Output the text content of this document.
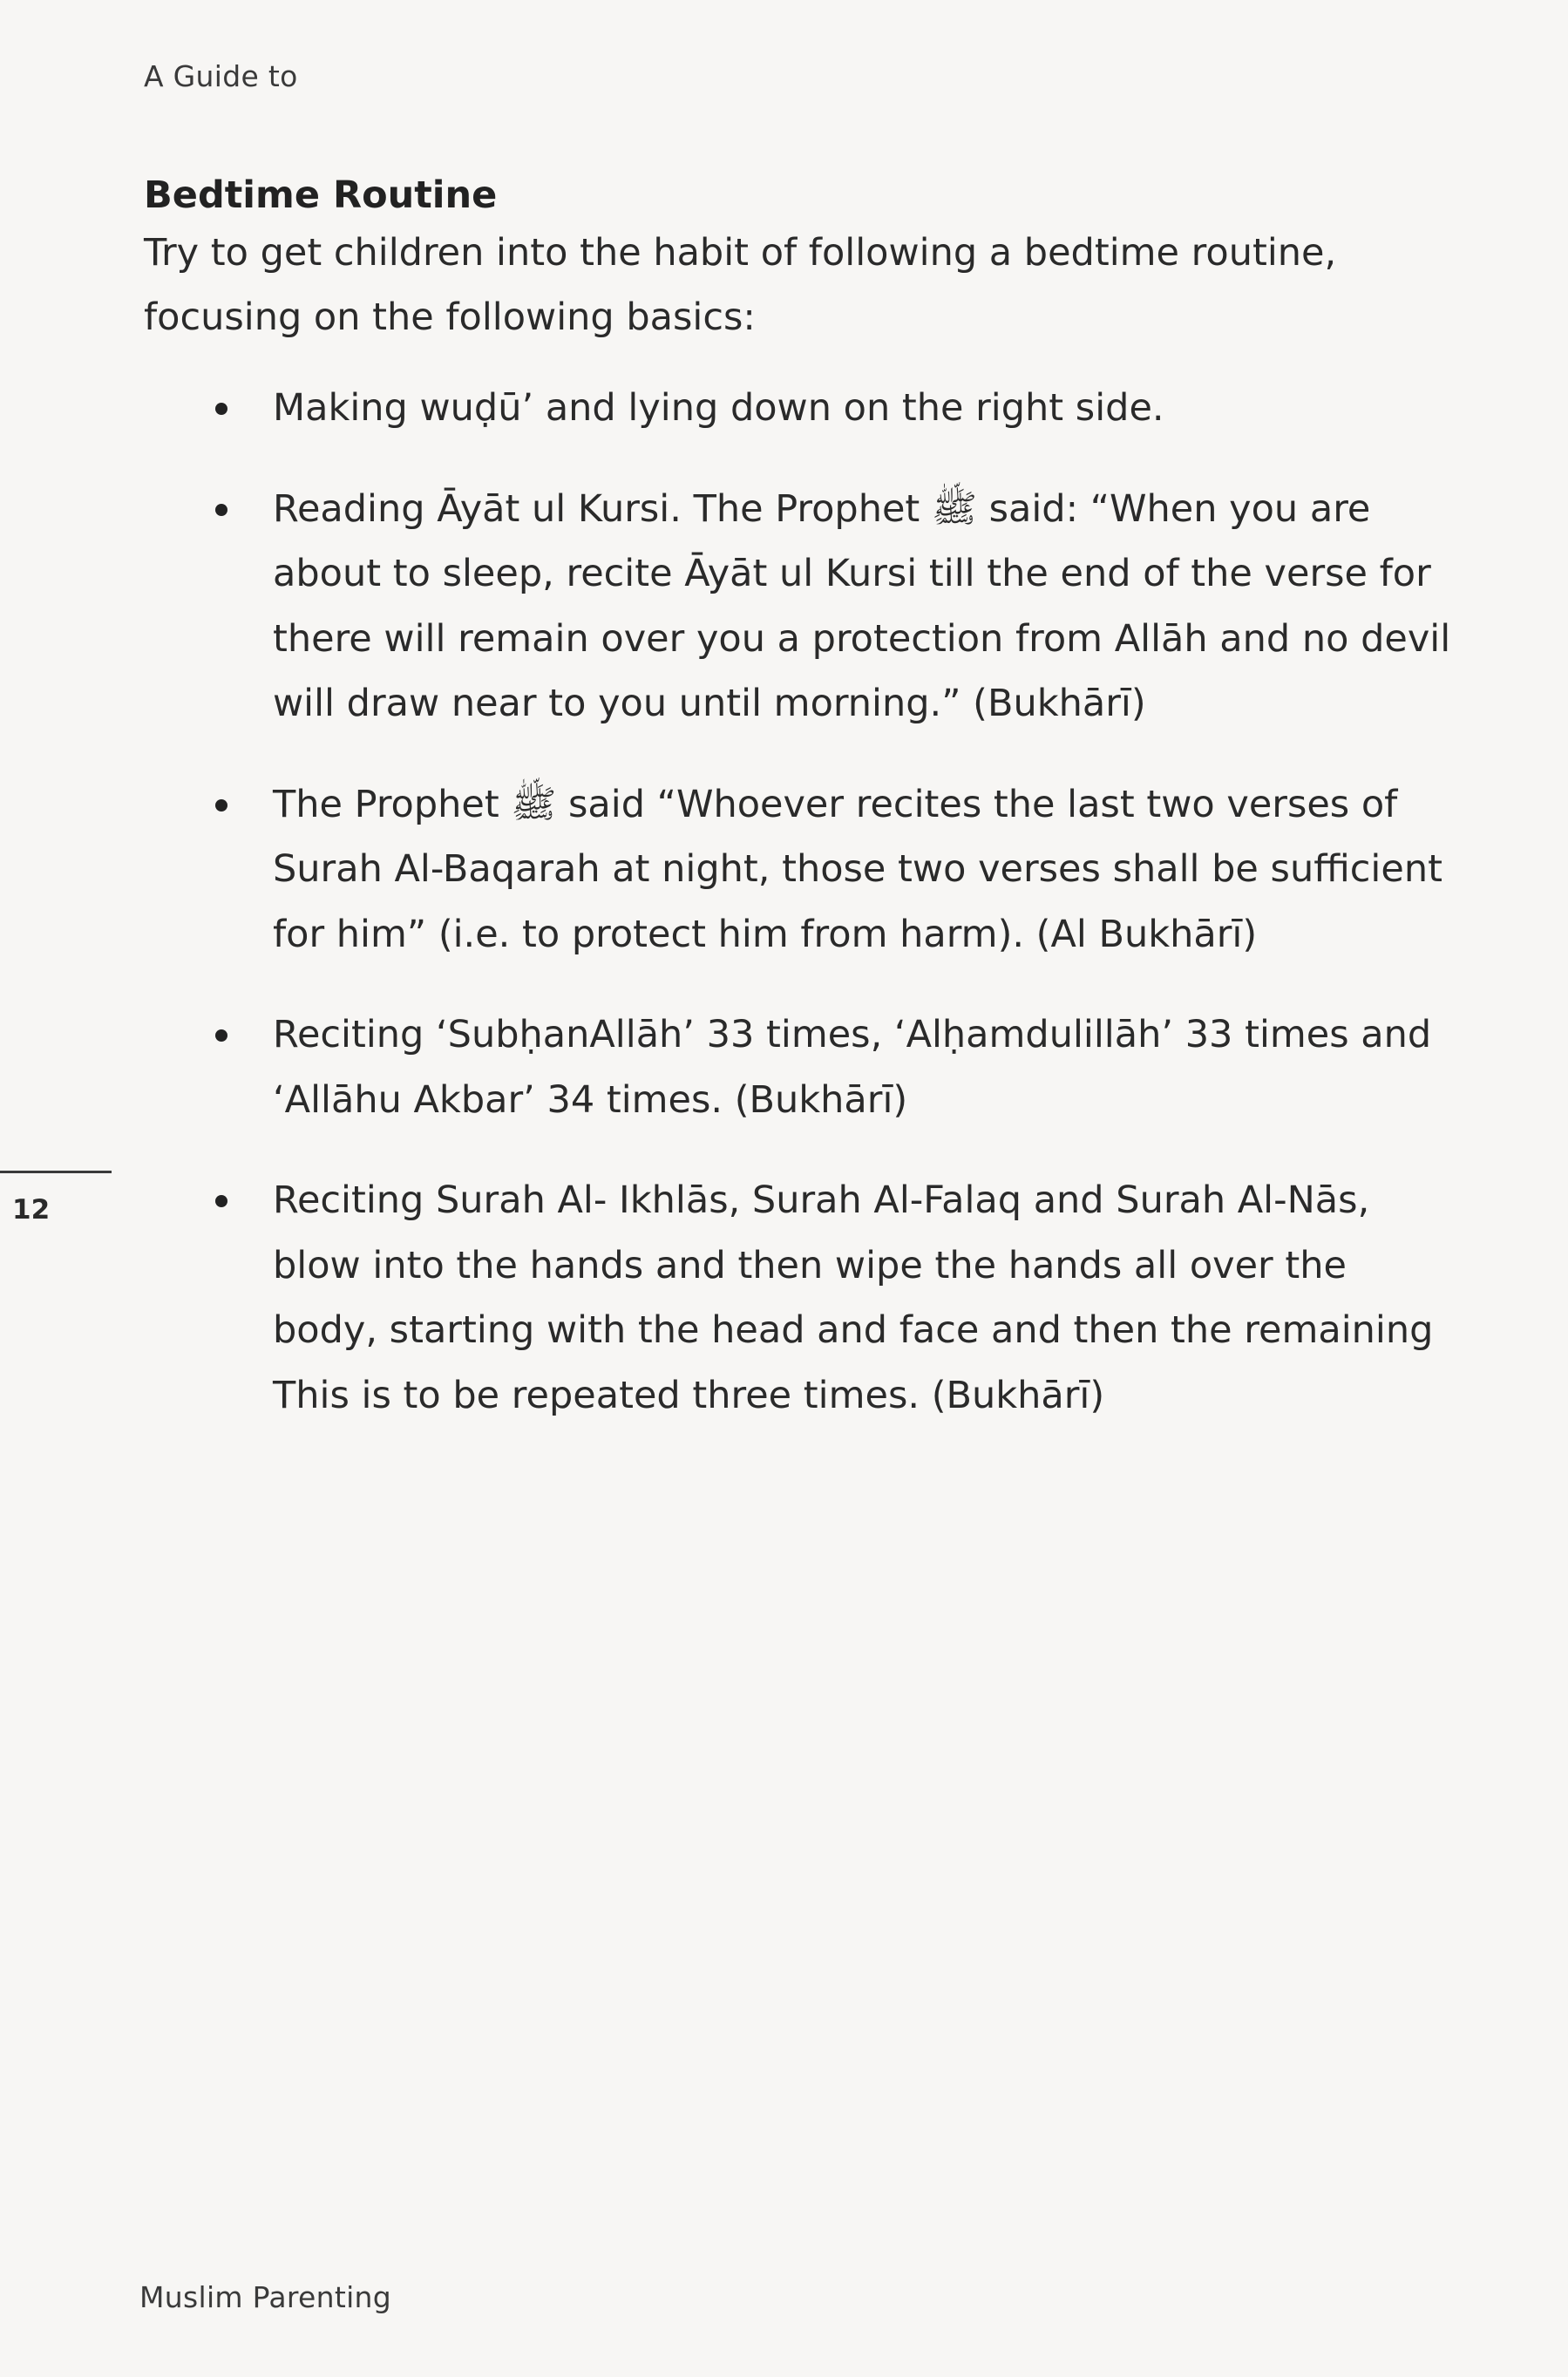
A Guide to
Bedtime Routine

Try to get children into the habit of following a bedtime routine, focusing on the following basics:

Making wuḍū’ and lying down on the right side.
Reading Āyāt ul Kursi. The Prophet ﷺ said: “When you are about to sleep, recite Āyāt ul Kursi till the end of the verse for there will remain over you a protection from Allāh and no devil will draw near to you until morning.” (Bukhārī)
The Prophet ﷺ said “Whoever recites the last two verses of Surah Al-Baqarah at night, those two verses shall be sufficient for him” (i.e. to protect him from harm). (Al Bukhārī)
Reciting ‘SubḥanAllāh’ 33 times, ‘Alḥamdulillāh’ 33 times and ‘Allāhu Akbar’ 34 times. (Bukhārī)
Reciting Surah Al- Ikhlās, Surah Al-Falaq and Surah Al-Nās, blow into the hands and then wipe the hands all over the body, starting with the head and face and then the remaining This is to be repeated three times. (Bukhārī)
12
Muslim Parenting
